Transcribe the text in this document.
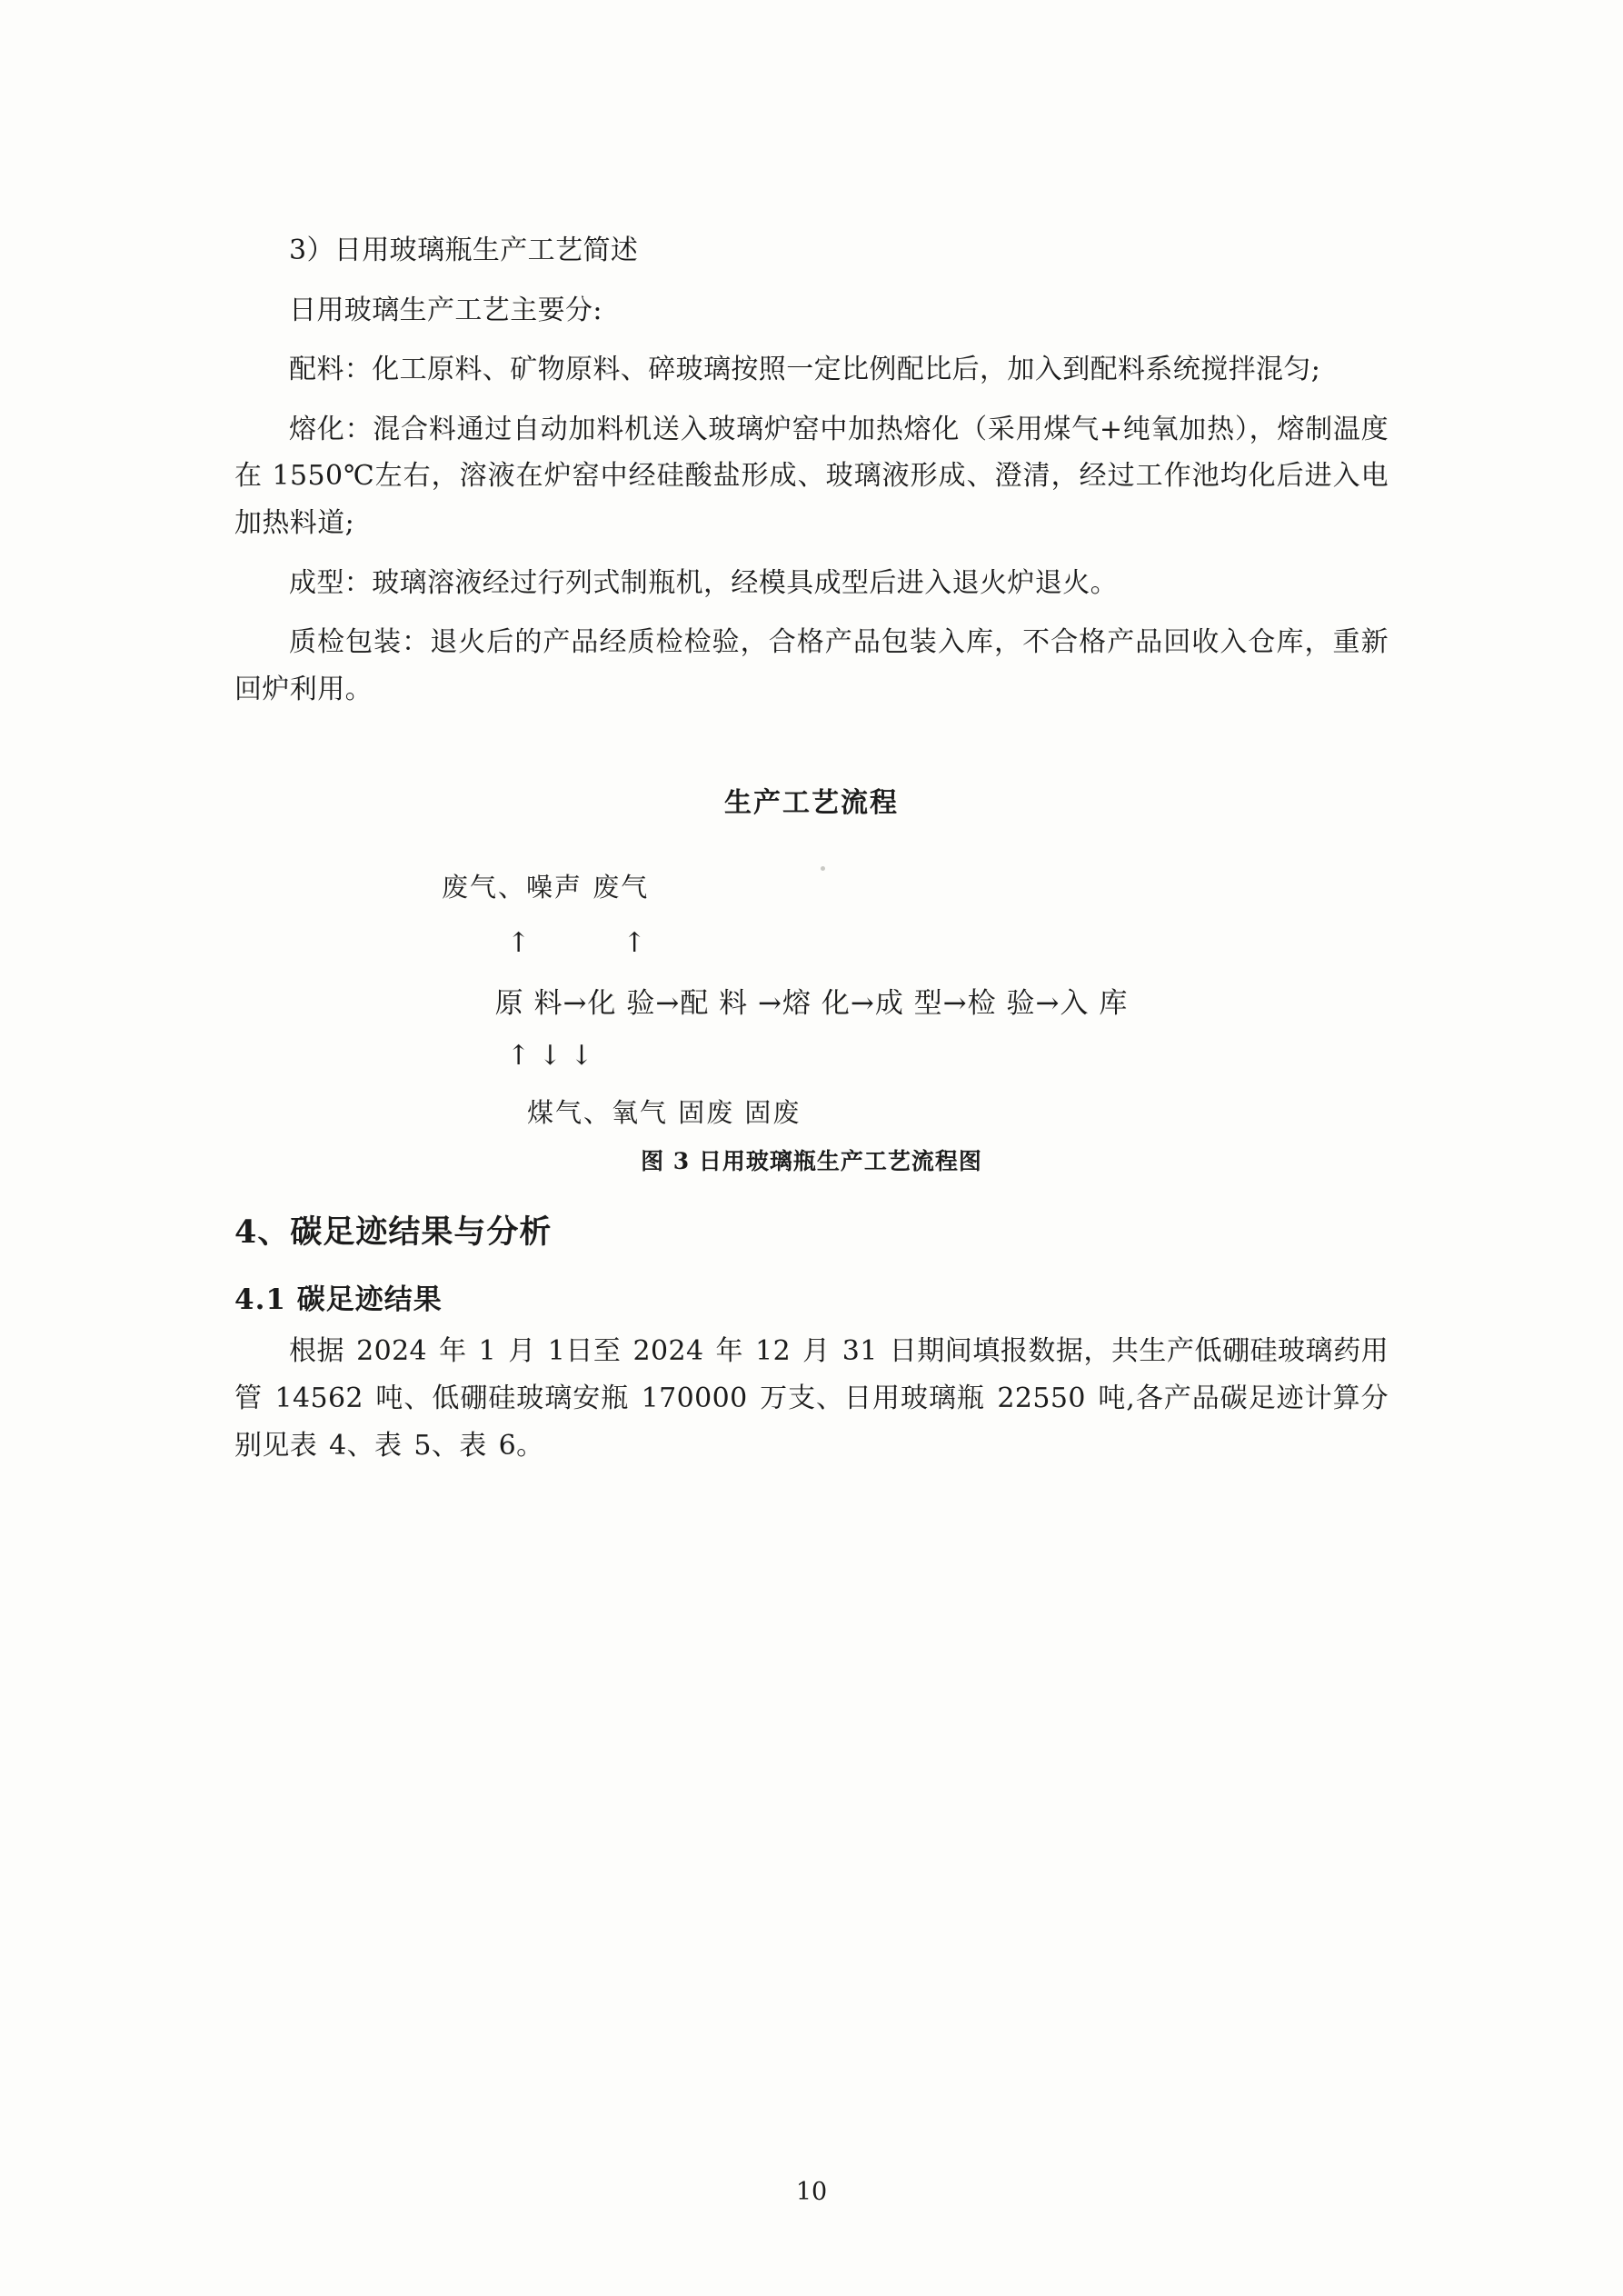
3）日用玻璃瓶生产工艺简述

日用玻璃生产工艺主要分:

配料：化工原料、矿物原料、碎玻璃按照一定比例配比后，加入到配料系统搅拌混匀;

熔化：混合料通过自动加料机送入玻璃炉窑中加热熔化（采用煤气+纯氧加热），熔制温度在 1550℃左右，溶液在炉窑中经硅酸盐形成、玻璃液形成、澄清，经过工作池均化后进入电加热料道;

成型：玻璃溶液经过行列式制瓶机，经模具成型后进入退火炉退火。

质检包装：退火后的产品经质检检验，合格产品包装入库，不合格产品回收入仓库，重新回炉利用。

生产工艺流程
废气、噪声 废气
↑	↑
原 料→化 验→配 料 →熔 化→成 型→检 验→入 库
↑ ↓ ↓
煤气、氧气 固废 固废
图 3 日用玻璃瓶生产工艺流程图
4、碳足迹结果与分析
4.1 碳足迹结果

根据 2024 年 1 月 1日至 2024 年 12 月 31 日期间填报数据，共生产低硼硅玻璃药用管 14562 吨、低硼硅玻璃安瓶 170000 万支、日用玻璃瓶 22550 吨,各产品碳足迹计算分别见表 4、表 5、表 6。

10
